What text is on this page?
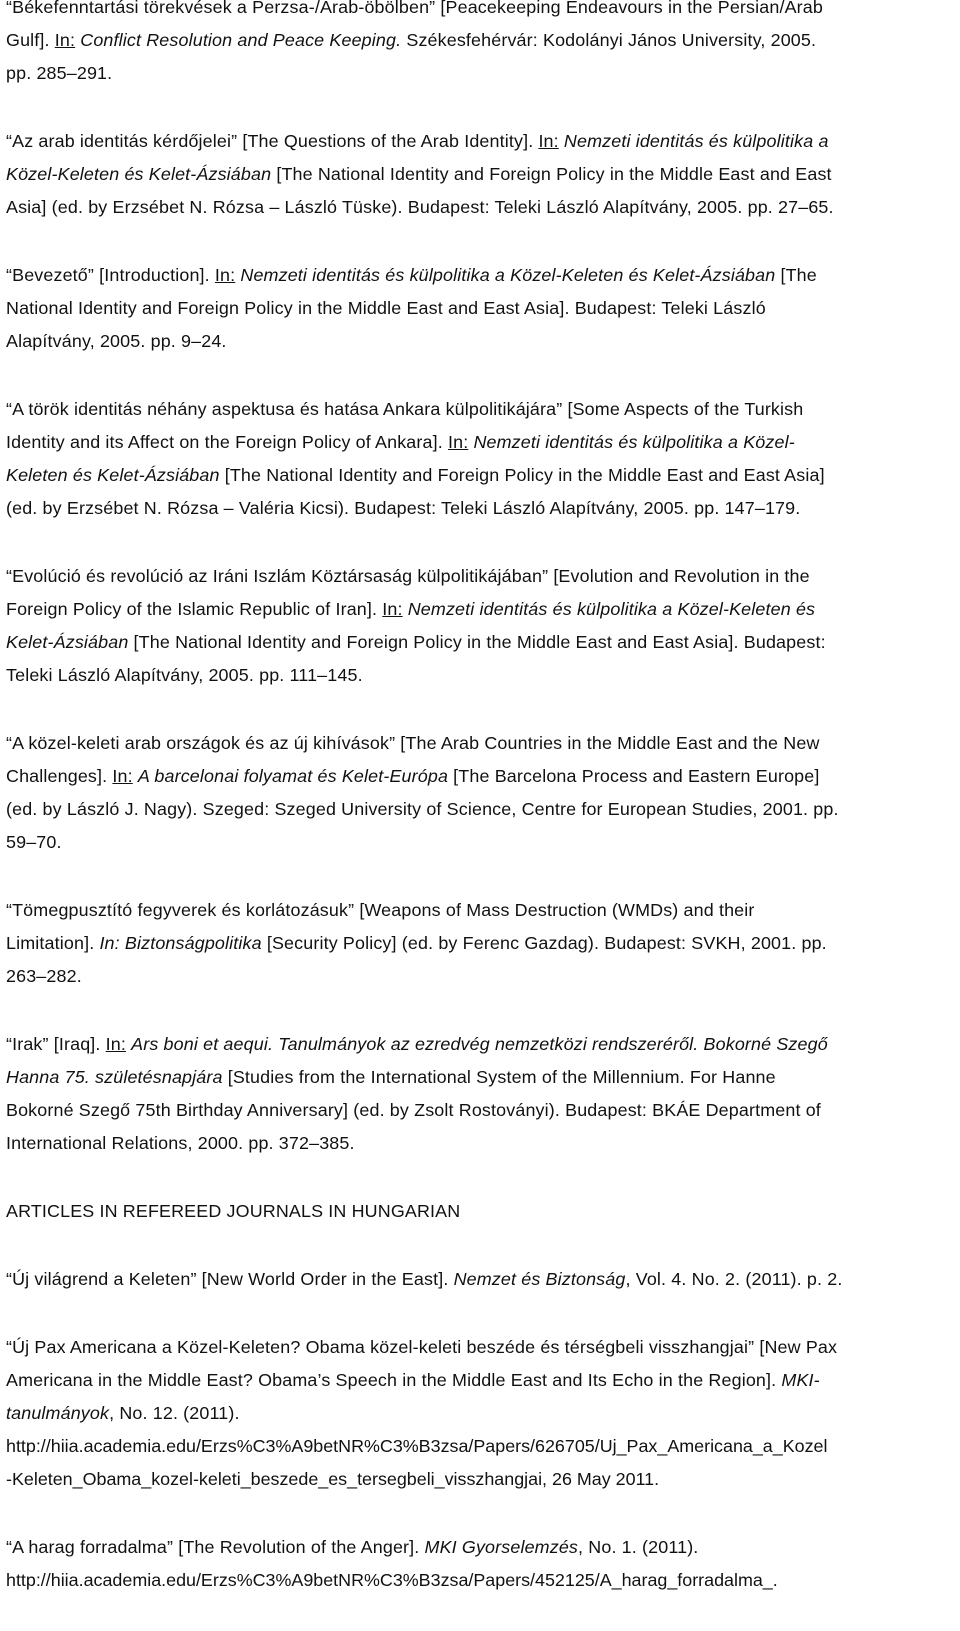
“Békefenntartási törekvések a Perzsa-/Arab-öbölben” [Peacekeeping Endeavours in the Persian/Arab
Gulf]. In: Conflict Resolution and Peace Keeping. Székesfehérvár: Kodolányi János University, 2005.
pp. 285–291.
“Az arab identitás kérdőjelei” [The Questions of the Arab Identity]. In: Nemzeti identitás és külpolitika a
Közel-Keleten és Kelet-Ázsiában [The National Identity and Foreign Policy in the Middle East and East
Asia] (ed. by Erzsébet N. Rózsa – László Tüske). Budapest: Teleki László Alapítvány, 2005. pp. 27–65.
“Bevezető” [Introduction]. In: Nemzeti identitás és külpolitika a Közel-Keleten és Kelet-Ázsiában [The
National Identity and Foreign Policy in the Middle East and East Asia]. Budapest: Teleki László
Alapítvány, 2005. pp. 9–24.
“A török identitás néhány aspektusa és hatása Ankara külpolitikájára” [Some Aspects of the Turkish
Identity and its Affect on the Foreign Policy of Ankara]. In: Nemzeti identitás és külpolitika a Közel-
Keleten és Kelet-Ázsiában [The National Identity and Foreign Policy in the Middle East and East Asia]
(ed. by Erzsébet N. Rózsa – Valéria Kicsi). Budapest: Teleki László Alapítvány, 2005. pp. 147–179.
“Evolúció és revolúció az Iráni Iszlám Köztársaság külpolitikájában” [Evolution and Revolution in the
Foreign Policy of the Islamic Republic of Iran]. In: Nemzeti identitás és külpolitika a Közel-Keleten és
Kelet-Ázsiában [The National Identity and Foreign Policy in the Middle East and East Asia]. Budapest:
Teleki László Alapítvány, 2005. pp. 111–145.
“A közel-keleti arab országok és az új kihívások” [The Arab Countries in the Middle East and the New
Challenges]. In: A barcelonai folyamat és Kelet-Európa [The Barcelona Process and Eastern Europe]
(ed. by László J. Nagy). Szeged: Szeged University of Science, Centre for European Studies, 2001. pp.
59–70.
“Tömegpusztító fegyverek és korlátozásuk” [Weapons of Mass Destruction (WMDs) and their
Limitation]. In: Biztonságpolitika [Security Policy] (ed. by Ferenc Gazdag). Budapest: SVKH, 2001. pp.
263–282.
“Irak” [Iraq]. In: Ars boni et aequi. Tanulmányok az ezredvég nemzetközi rendszeréről. Bokorné Szegő
Hanna 75. születésnapjára [Studies from the International System of the Millennium. For Hanne
Bokorné Szegő 75th Birthday Anniversary] (ed. by Zsolt Rostoványi). Budapest: BKÁE Department of
International Relations, 2000. pp. 372–385.
ARTICLES IN REFEREED JOURNALS IN HUNGARIAN
“Új világrend a Keleten” [New World Order in the East]. Nemzet és Biztonság, Vol. 4. No. 2. (2011). p. 2.
“Új Pax Americana a Közel-Keleten? Obama közel-keleti beszéde és térségbeli visszhangjai” [New Pax
Americana in the Middle East? Obama’s Speech in the Middle East and Its Echo in the Region]. MKI-
tanulmányok, No. 12. (2011).
http://hiia.academia.edu/Erzs%C3%A9betNR%C3%B3zsa/Papers/626705/Uj_Pax_Americana_a_Kozel
-Keleten_Obama_kozel-keleti_beszede_es_tersegbeli_visszhangjai, 26 May 2011.
“A harag forradalma” [The Revolution of the Anger]. MKI Gyorselemzés, No. 1. (2011).
http://hiia.academia.edu/Erzs%C3%A9betNR%C3%B3zsa/Papers/452125/A_harag_forradalma_.
